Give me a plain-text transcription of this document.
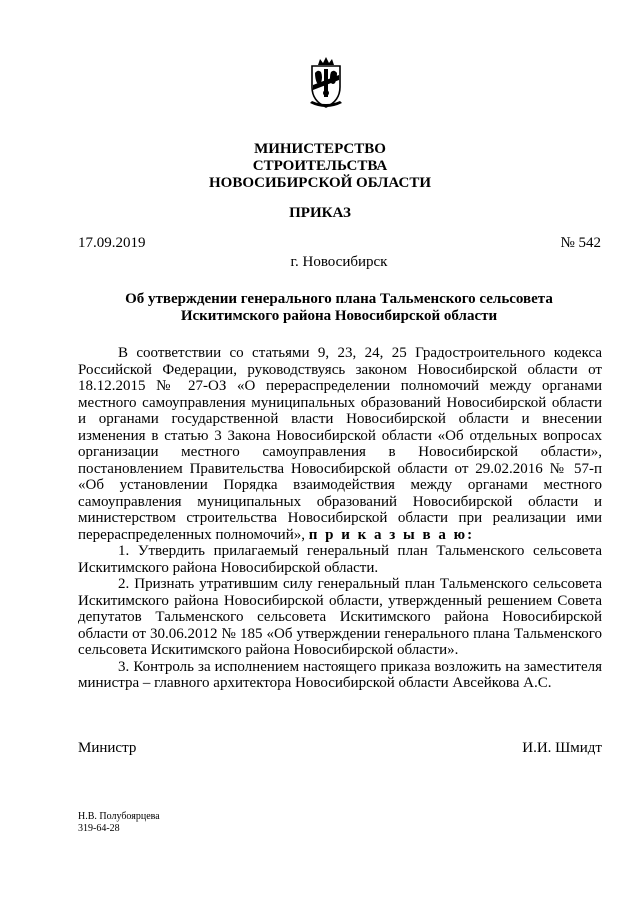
МИНИСТЕРСТВО
СТРОИТЕЛЬСТВА
НОВОСИБИРСКОЙ ОБЛАСТИ
ПРИКАЗ
17.09.2019	№ 542
г. Новосибирск
Об утверждении генерального плана Тальменского сельсовета
Искитимского района Новосибирской области

В соответствии со статьями 9, 23, 24, 25 Градостроительного кодекса Российской Федерации, руководствуясь законом Новосибирской области от 18.12.2015 № 27-ОЗ «О перераспределении полномочий между органами местного самоуправления муниципальных образований Новосибирской области и органами государственной власти Новосибирской области и внесении изменения в статью 3 Закона Новосибирской области «Об отдельных вопросах организации местного самоуправления в Новосибирской области», постановлением Правительства Новосибирской области от 29.02.2016 № 57-п «Об установлении Порядка взаимодействия между органами местного самоуправления муниципальных образований Новосибирской области и министерством строительства Новосибирской области при реализации ими перераспределенных полномочий», п р и к а з ы в а ю:

1. Утвердить прилагаемый генеральный план Тальменского сельсовета Искитимского района Новосибирской области.

2. Признать утратившим силу генеральный план Тальменского сельсовета Искитимского района Новосибирской области, утвержденный решением Совета депутатов Тальменского сельсовета Искитимского района Новосибирской области от 30.06.2012 № 185 «Об утверждении генерального плана Тальменского сельсовета Искитимского района Новосибирской области».

3. Контроль за исполнением настоящего приказа возложить на заместителя министра – главного архитектора Новосибирской области Авсейкова А.С.

Министр	И.И. Шмидт
Н.В. Полубоярцева
319-64-28
